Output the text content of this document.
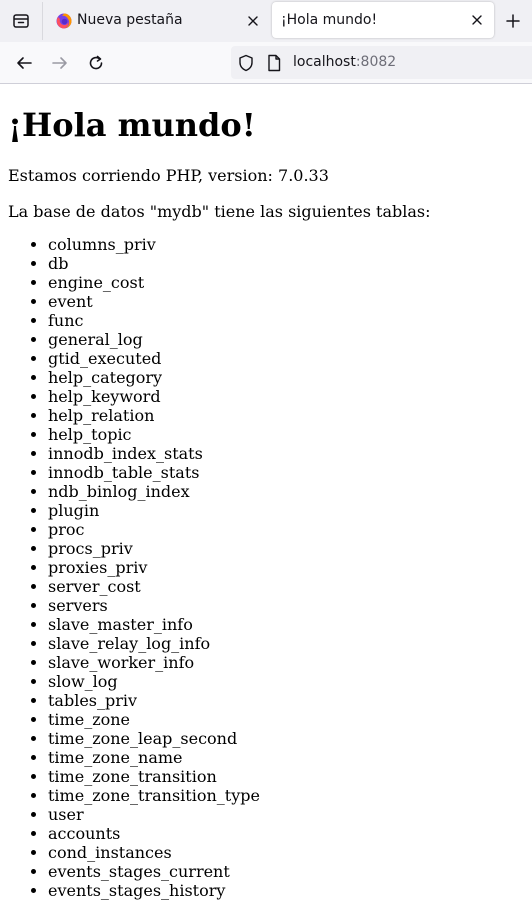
Nueva pestaña	¡Hola mundo!
localhost:8082
¡Hola mundo!

Estamos corriendo PHP, version: 7.0.33

La base de datos "mydb" tiene las siguientes tablas:

• columns_priv
• db
• engine_cost
• event
• func
• general_log
• gtid_executed
• help_category
• help_keyword
• help_relation
• help_topic
• innodb_index_stats
• innodb_table_stats
• ndb_binlog_index
• plugin
• proc
• procs_priv
• proxies_priv
• server_cost
• servers
• slave_master_info
• slave_relay_log_info
• slave_worker_info
• slow_log
• tables_priv
• time_zone
• time_zone_leap_second
• time_zone_name
• time_zone_transition
• time_zone_transition_type
• user
• accounts
• cond_instances
• events_stages_current
• events_stages_history
